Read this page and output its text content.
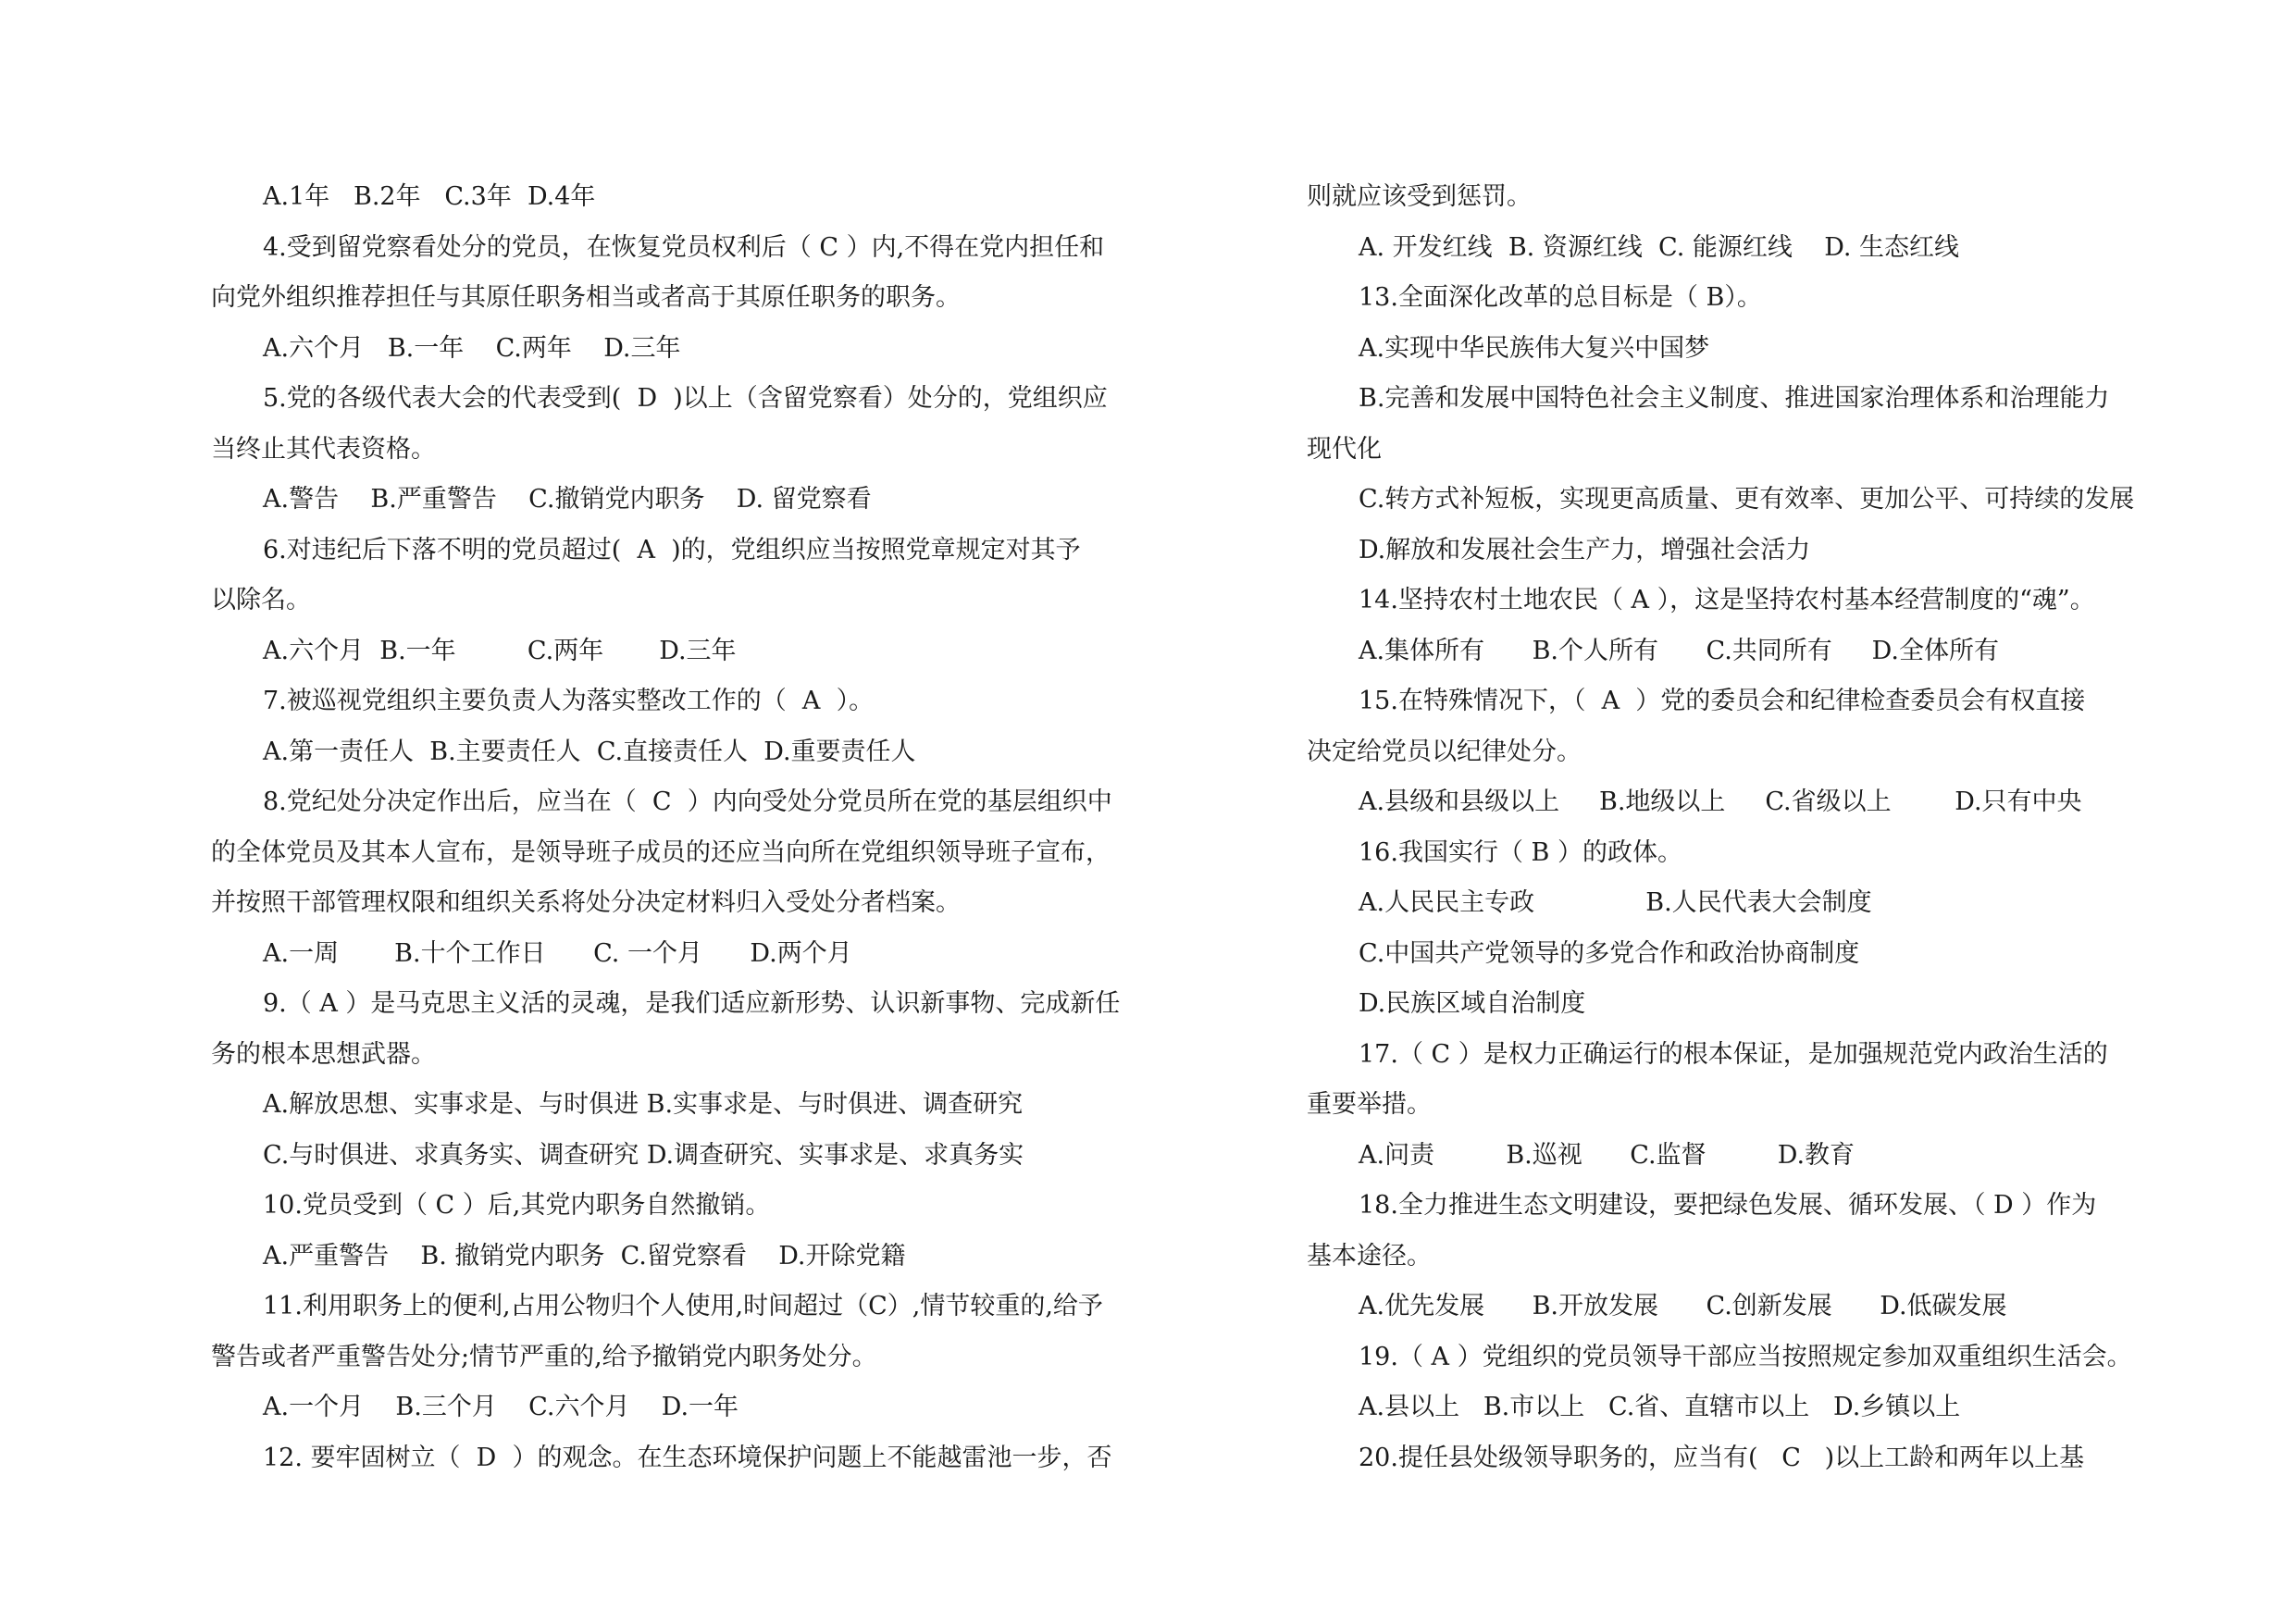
A.1年   B.2年   C.3年  D.4年
4.受到留党察看处分的党员，在恢复党员权利后（ C ）内,不得在党内担任和
向党外组织推荐担任与其原任职务相当或者高于其原任职务的职务。
A.六个月   B.一年    C.两年    D.三年
5.党的各级代表大会的代表受到(  D  )以上（含留党察看）处分的，党组织应
当终止其代表资格。
A.警告    B.严重警告    C.撤销党内职务    D. 留党察看
6.对违纪后下落不明的党员超过(  A  )的，党组织应当按照党章规定对其予
以除名。
A.六个月  B.一年         C.两年       D.三年
7.被巡视党组织主要负责人为落实整改工作的（  A  ）。
A.第一责任人  B.主要责任人  C.直接责任人  D.重要责任人
8.党纪处分决定作出后，应当在（  C  ）内向受处分党员所在党的基层组织中
的全体党员及其本人宣布，是领导班子成员的还应当向所在党组织领导班子宣布，
并按照干部管理权限和组织关系将处分决定材料归入受处分者档案。
A.一周       B.十个工作日      C. 一个月      D.两个月
9.（ A ）是马克思主义活的灵魂，是我们适应新形势、认识新事物、完成新任
务的根本思想武器。
A.解放思想、实事求是、与时俱进 B.实事求是、与时俱进、调查研究
C.与时俱进、求真务实、调查研究 D.调查研究、实事求是、求真务实
10.党员受到（ C ）后,其党内职务自然撤销。
A.严重警告    B. 撤销党内职务  C.留党察看    D.开除党籍
11.利用职务上的便利,占用公物归个人使用,时间超过（C）,情节较重的,给予
警告或者严重警告处分;情节严重的,给予撤销党内职务处分。
A.一个月    B.三个月    C.六个月    D.一年
12. 要牢固树立（  D  ）的观念。在生态环境保护问题上不能越雷池一步，否
则就应该受到惩罚。
A. 开发红线  B. 资源红线  C. 能源红线    D. 生态红线
13.全面深化改革的总目标是（ B）。
A.实现中华民族伟大复兴中国梦
B.完善和发展中国特色社会主义制度、推进国家治理体系和治理能力
现代化
C.转方式补短板，实现更高质量、更有效率、更加公平、可持续的发展
D.解放和发展社会生产力，增强社会活力
14.坚持农村土地农民（ A ），这是坚持农村基本经营制度的“魂”。
A.集体所有      B.个人所有      C.共同所有     D.全体所有
15.在特殊情况下，（  A  ）党的委员会和纪律检查委员会有权直接
决定给党员以纪律处分。
A.县级和县级以上     B.地级以上     C.省级以上        D.只有中央
16.我国实行（ B ）的政体。
A.人民民主专政              B.人民代表大会制度
C.中国共产党领导的多党合作和政治协商制度
D.民族区域自治制度
17.（ C ）是权力正确运行的根本保证，是加强规范党内政治生活的
重要举措。
A.问责         B.巡视      C.监督         D.教育
18.全力推进生态文明建设，要把绿色发展、循环发展、（ D ）作为
基本途径。
A.优先发展      B.开放发展      C.创新发展      D.低碳发展
19.（ A ）党组织的党员领导干部应当按照规定参加双重组织生活会。
A.县以上   B.市以上   C.省、直辖市以上   D.乡镇以上
20.提任县处级领导职务的，应当有(   C   )以上工龄和两年以上基
